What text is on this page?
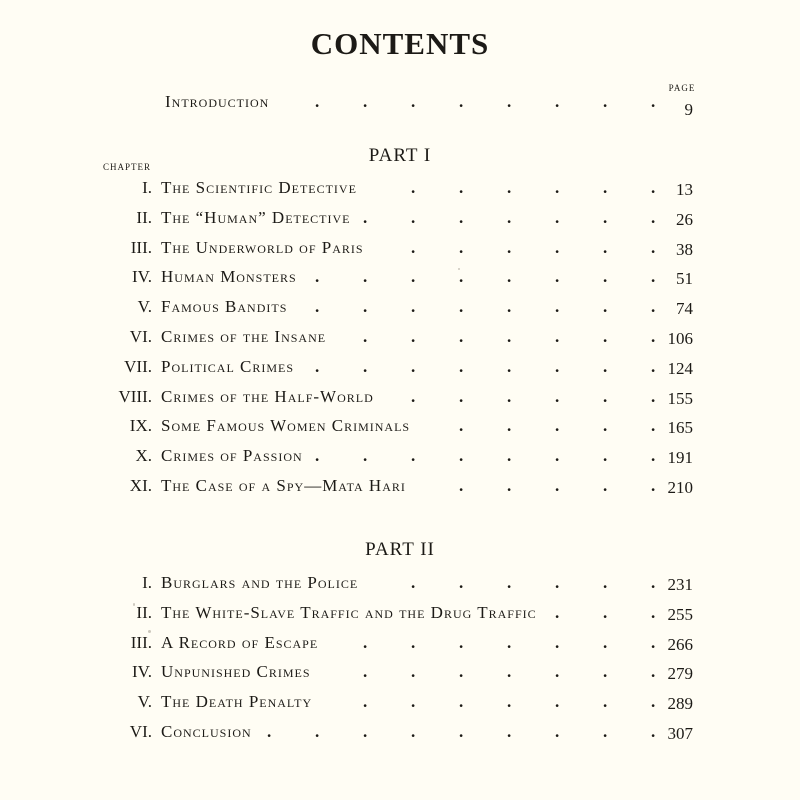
CONTENTS
PAGE
Introduction	.	.	.	.	.	.	.	. 9
PART I
CHAPTER
I. The Scientific Detective	.	.	.	.	.	. 13
II. The “Human” Detective .	.	.	.	.	.	. 26
III. The Underworld of Paris	.	.	.	.	.	. 38
IV. Human Monsters .	.	.	.	.	.	.	. 51
V. Famous Bandits .	.	.	.	.	.	.	. 74
VI. Crimes of the Insane .	.	.	.	.	.	. 106
VII. Political Crimes .	.	.	.	.	.	.	. 124
VIII. Crimes of the Half-World .	.	.	.	.	. 155
IX. Some Famous Women Criminals	.	.	.	.	. 165
X. Crimes of Passion .	.	.	.	.	.	.	. 191
XI. The Case of a Spy—Mata Hari	.	.	.	.	. 210
PART II
I. Burglars and the Police	.	.	.	.	.	. 231
II. The White-Slave Traffic and the Drug Traffic .	.	. 255
III. A Record of Escape	.	.	.	.	.	.	. 266
IV. Unpunished Crimes	.	.	.	.	.	.	. 279
V. The Death Penalty	.	.	.	.	.	.	. 289
VI. Conclusion .	.	.	.	.	.	.	.	. 307
